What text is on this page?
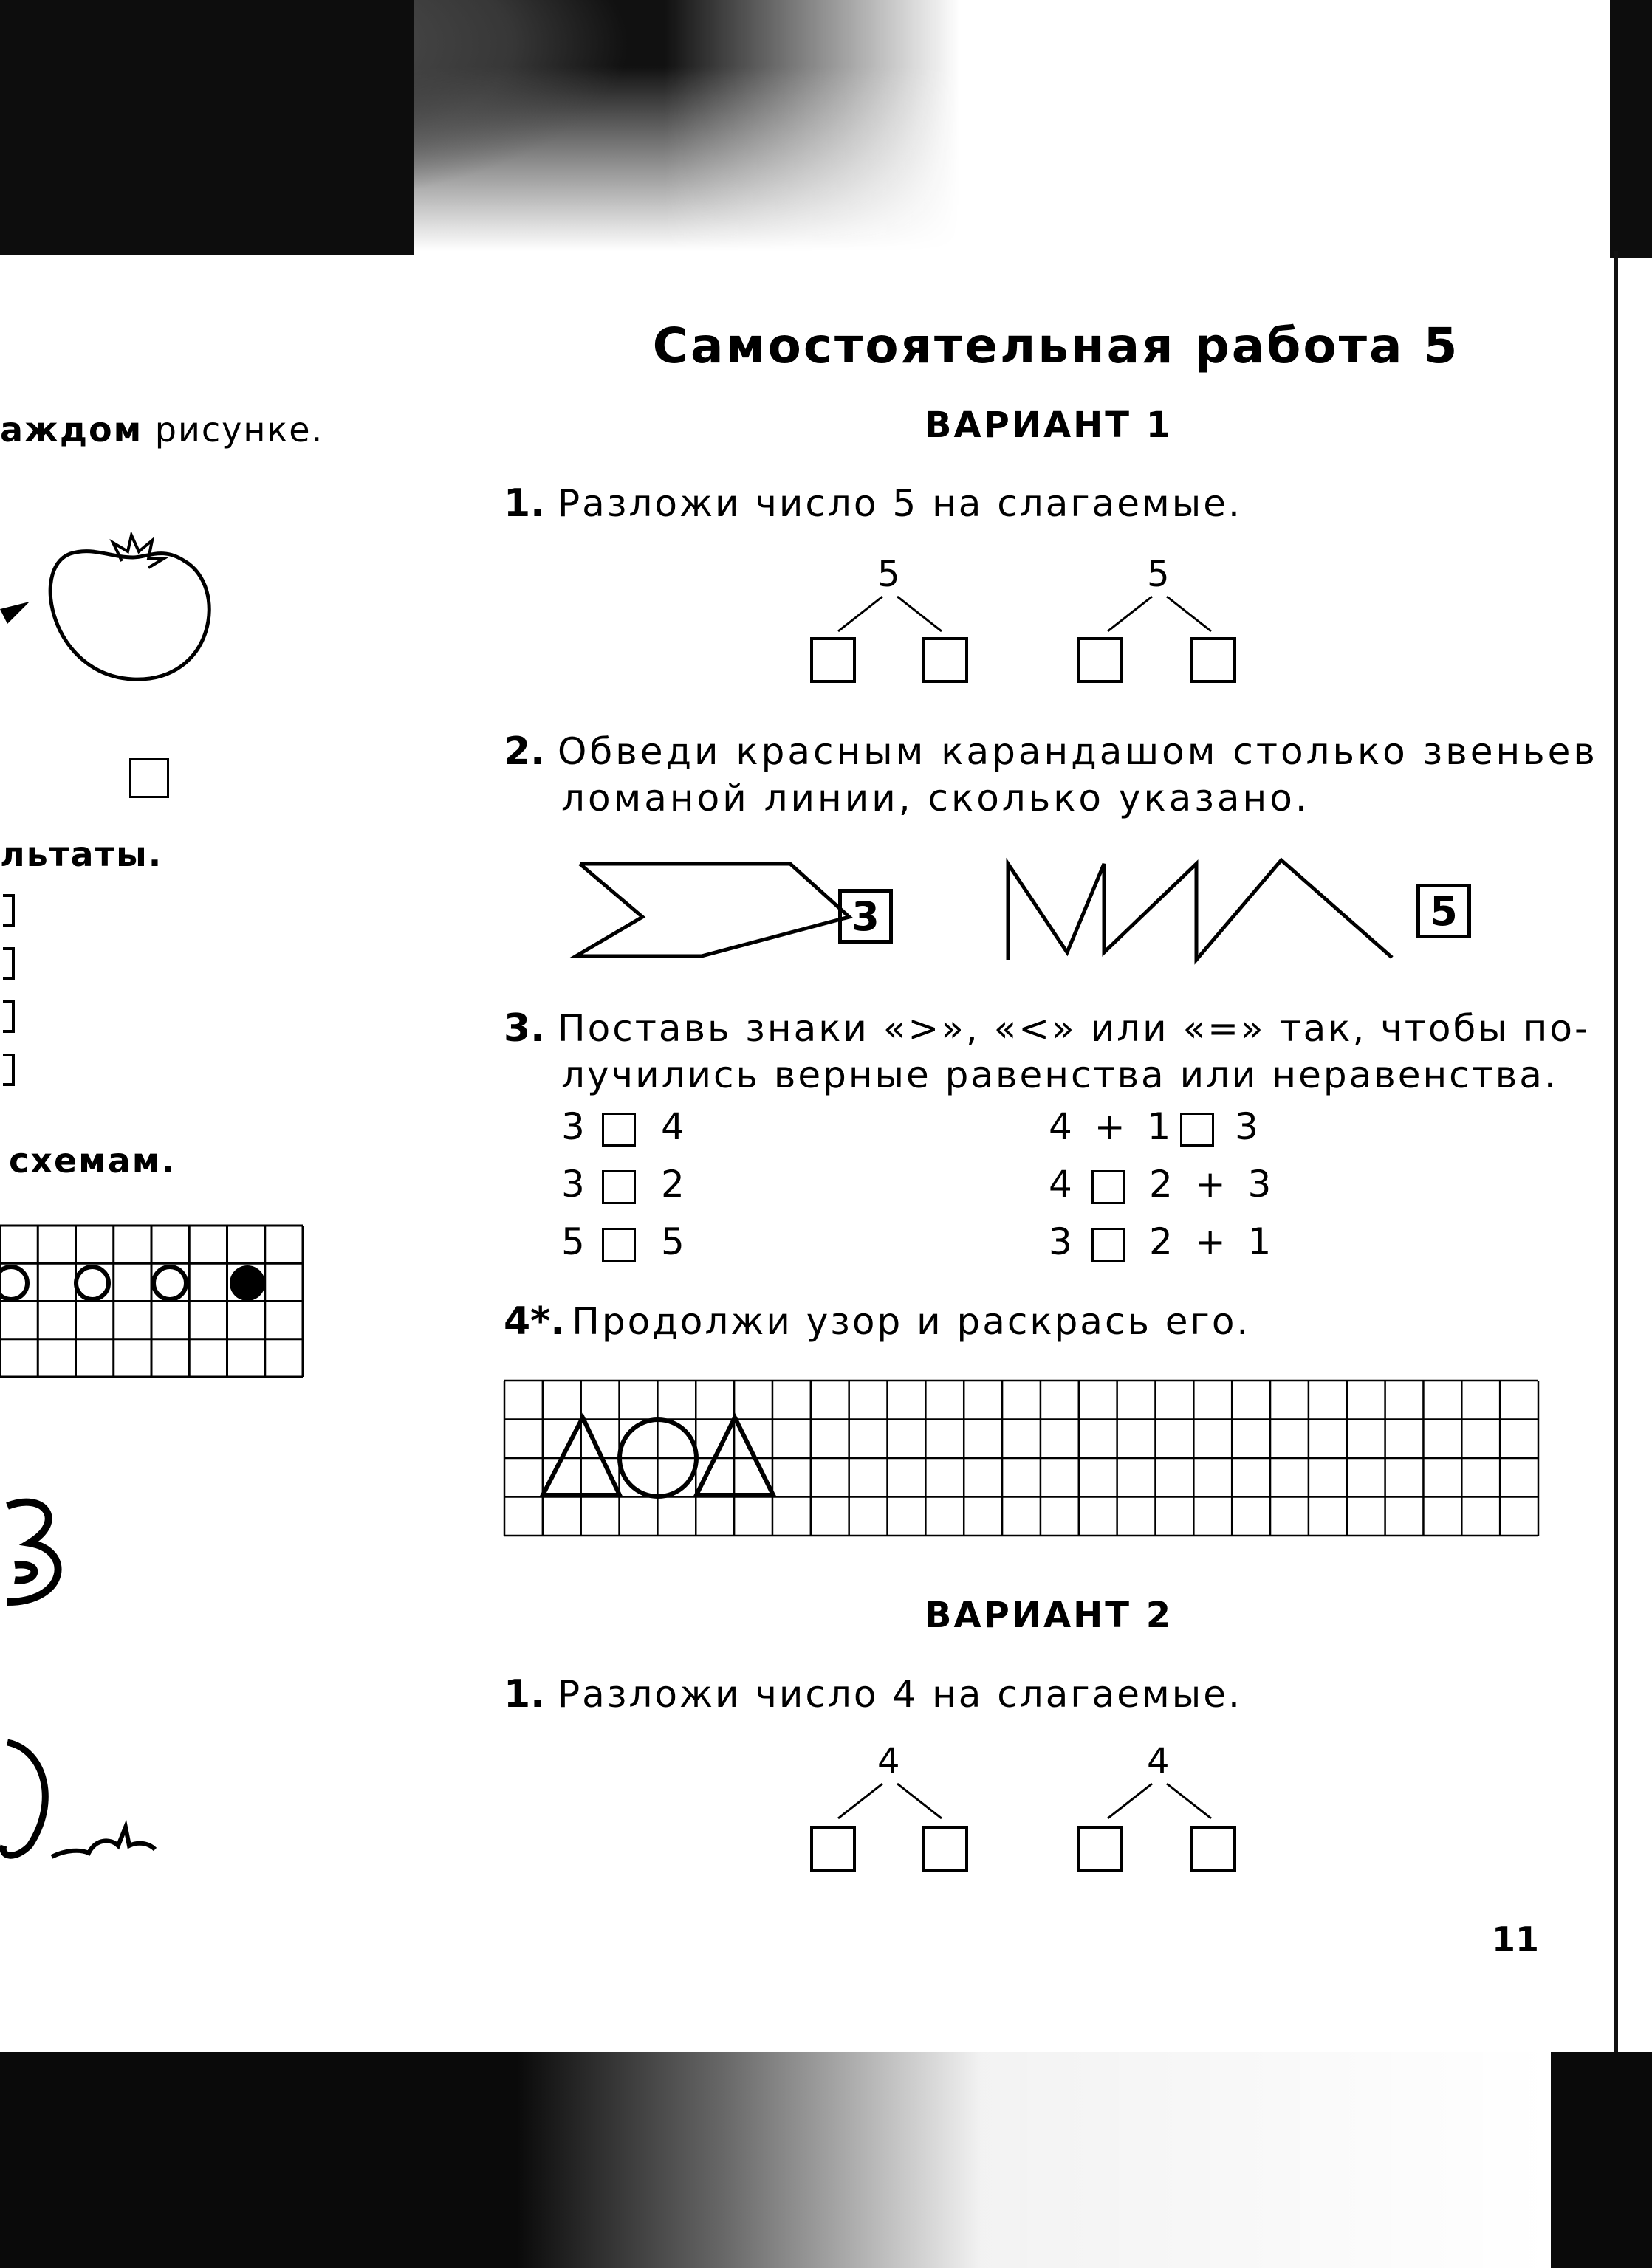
аждом рисунке.
льтаты.
схемам.
Самостоятельная работа 5
ВАРИАНТ 1
1. Разложи число 5 на слагаемые.
5	5
2. Обведи красным карандашом столько звеньев
ломаной линии, сколько указано.
3	5
3. Поставь знаки «>», «<» или «=» так, чтобы по-
лучились верные равенства или неравенства.
3 4
3 2
5 5
4 + 1 3
4 2 + 3
3 2 + 1
4*. Продолжи узор и раскрась его.
ВАРИАНТ 2
1. Разложи число 4 на слагаемые.
4	4
11
